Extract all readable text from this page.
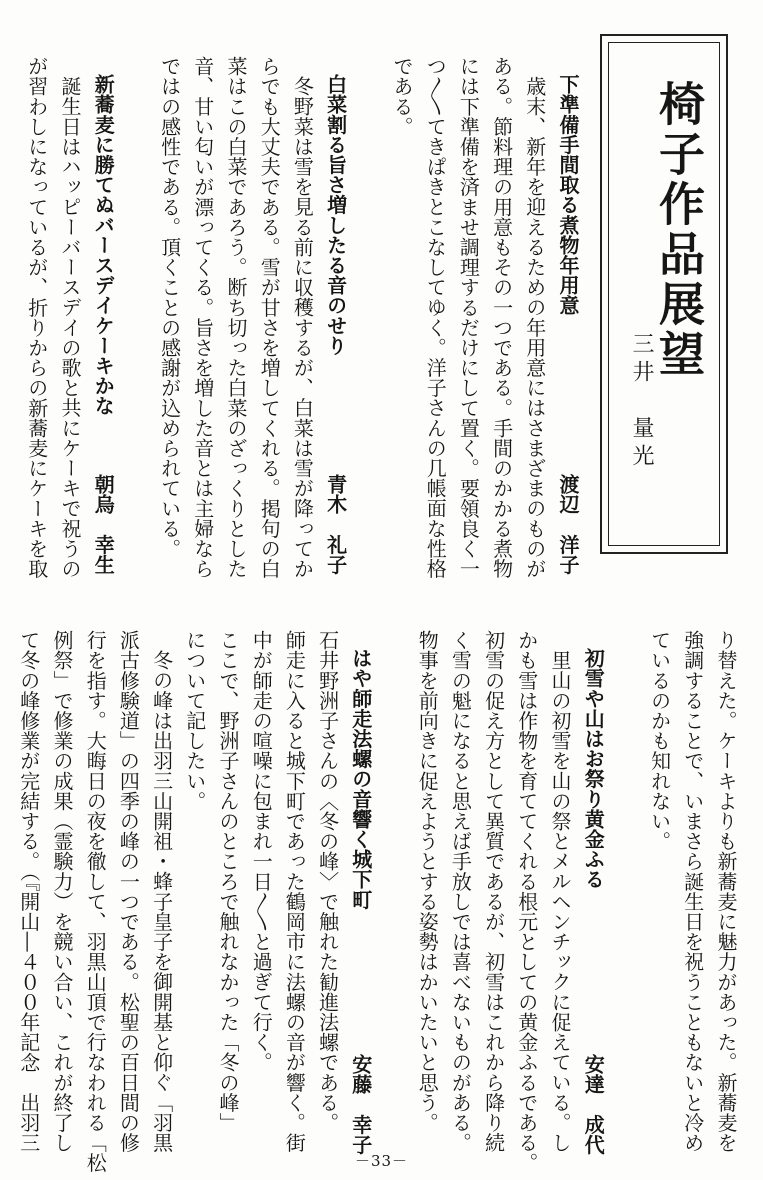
椅子作品展望
三井　量光
下準備手間取る煮物年用意
渡辺　洋子
歳末、新年を迎えるための年用意にはさまざまのものが
ある。節料理の用意もその一つである。手間のかかる煮物
には下準備を済ませ調理するだけにして置く。要領良く一
つ〳〵てきぱきとこなしてゆく。洋子さんの几帳面な性格
である。
白菜割る旨さ増したる音のせり
青木　礼子
冬野菜は雪を見る前に収穫するが、白菜は雪が降ってか
らでも大丈夫である。雪が甘さを増してくれる。掲句の白
菜はこの白菜であろう。断ち切った白菜のざっくりとした
音、甘い匂いが漂ってくる。旨さを増した音とは主婦なら
ではの感性である。頂くことの感謝が込められている。
新蕎麦に勝てぬバースデイケーキかな
朝烏　幸生
誕生日はハッピーバースデイの歌と共にケーキで祝うの
が習わしになっているが、折りからの新蕎麦にケーキを取
り替えた。ケーキよりも新蕎麦に魅力があった。新蕎麦を
強調することで、いまさら誕生日を祝うこともないと冷め
ているのかも知れない。
初雪や山はお祭り黄金ふる
安達　成代
里山の初雪を山の祭とメルヘンチックに促えている。し
かも雪は作物を育ててくれる根元としての黄金ふるである。
初雪の促え方として異質であるが、初雪はこれから降り続
く雪の魁になると思えば手放しでは喜べないものがある。
物事を前向きに促えようとする姿勢はかいたいと思う。
はや師走法螺の音響く城下町
安藤　幸子
石井野洲子さんの〈冬の峰〉で触れた勧進法螺である。
師走に入ると城下町であった鶴岡市に法螺の音が響く。街
中が師走の喧噪に包まれ一日〳〵と過ぎて行く。
ここで、野洲子さんのところで触れなかった「冬の峰」
について記したい。
冬の峰は出羽三山開祖・蜂子皇子を御開基と仰ぐ「羽黒
派古修験道」の四季の峰の一つである。松聖の百日間の修
行を指す。大晦日の夜を徹して、羽黒山頂で行なわれる「松
例祭」で修業の成果（霊験力）を競い合い、これが終了し
て冬の峰修業が完結する。（『開山―４００年記念　出羽三
－33－
